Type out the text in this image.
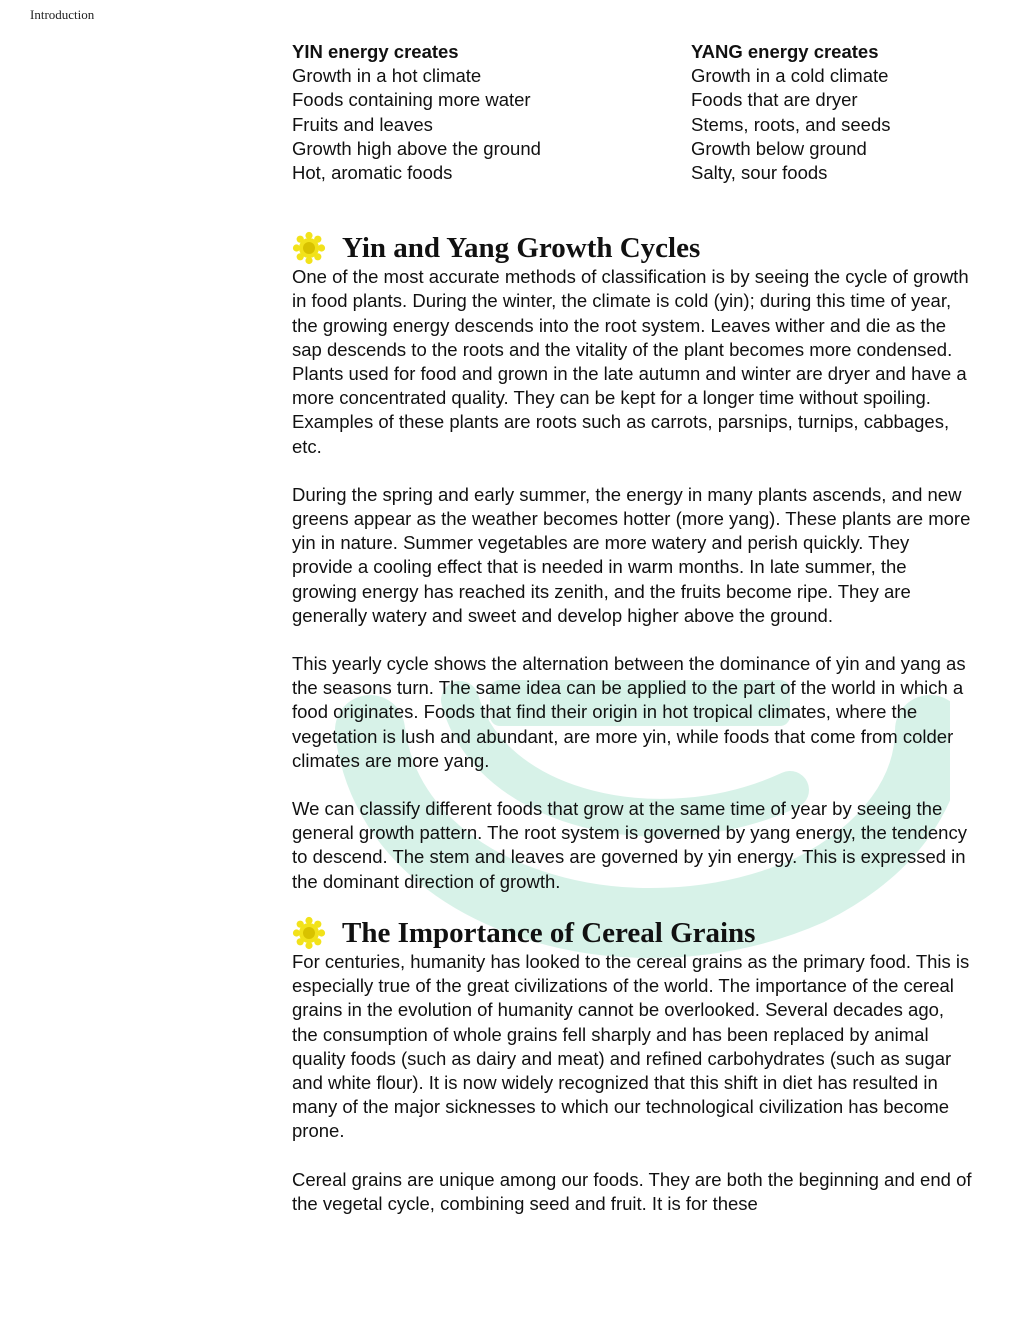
Introduction
YIN energy creates
Growth in a hot climate
Foods containing more water
Fruits and leaves
Growth high above the ground
Hot, aromatic foods
YANG energy creates
Growth in a cold climate
Foods that are dryer
Stems, roots, and seeds
Growth below ground
Salty, sour foods
Yin and Yang Growth Cycles

One of the most accurate methods of classification is by seeing the cycle of growth in food plants. During the winter, the climate is cold (yin); during this time of year, the growing energy descends into the root system. Leaves wither and die as the sap descends to the roots and the vitality of the plant becomes more condensed. Plants used for food and grown in the late autumn and winter are dryer and have a more concentrated quality. They can be kept for a longer time without spoiling. Examples of these plants are roots such as carrots, parsnips, turnips, cabbages, etc.

During the spring and early summer, the energy in many plants ascends, and new greens appear as the weather becomes hotter (more yang). These plants are more yin in nature. Summer vegetables are more watery and perish quickly. They provide a cooling effect that is needed in warm months. In late summer, the growing energy has reached its zenith, and the fruits become ripe. They are generally watery and sweet and develop higher above the ground.

This yearly cycle shows the alternation between the dominance of yin and yang as the seasons turn. The same idea can be applied to the part of the world in which a food originates. Foods that find their origin in hot tropical climates, where the vegetation is lush and abundant, are more yin, while foods that come from colder climates are more yang.

We can classify different foods that grow at the same time of year by seeing the general growth pattern. The root system is governed by yang energy, the tendency to descend. The stem and leaves are governed by yin energy. This is expressed in the dominant direction of growth.

The Importance of Cereal Grains

For centuries, humanity has looked to the cereal grains as the primary food. This is especially true of the great civilizations of the world. The importance of the cereal grains in the evolution of humanity cannot be overlooked. Several decades ago, the consumption of whole grains fell sharply and has been replaced by animal quality foods (such as dairy and meat) and refined carbohydrates (such as sugar and white flour). It is now widely recognized that this shift in diet has resulted in many of the major sicknesses to which our technological civilization has become prone.

Cereal grains are unique among our foods. They are both the beginning and end of the vegetal cycle, combining seed and fruit. It is for these
